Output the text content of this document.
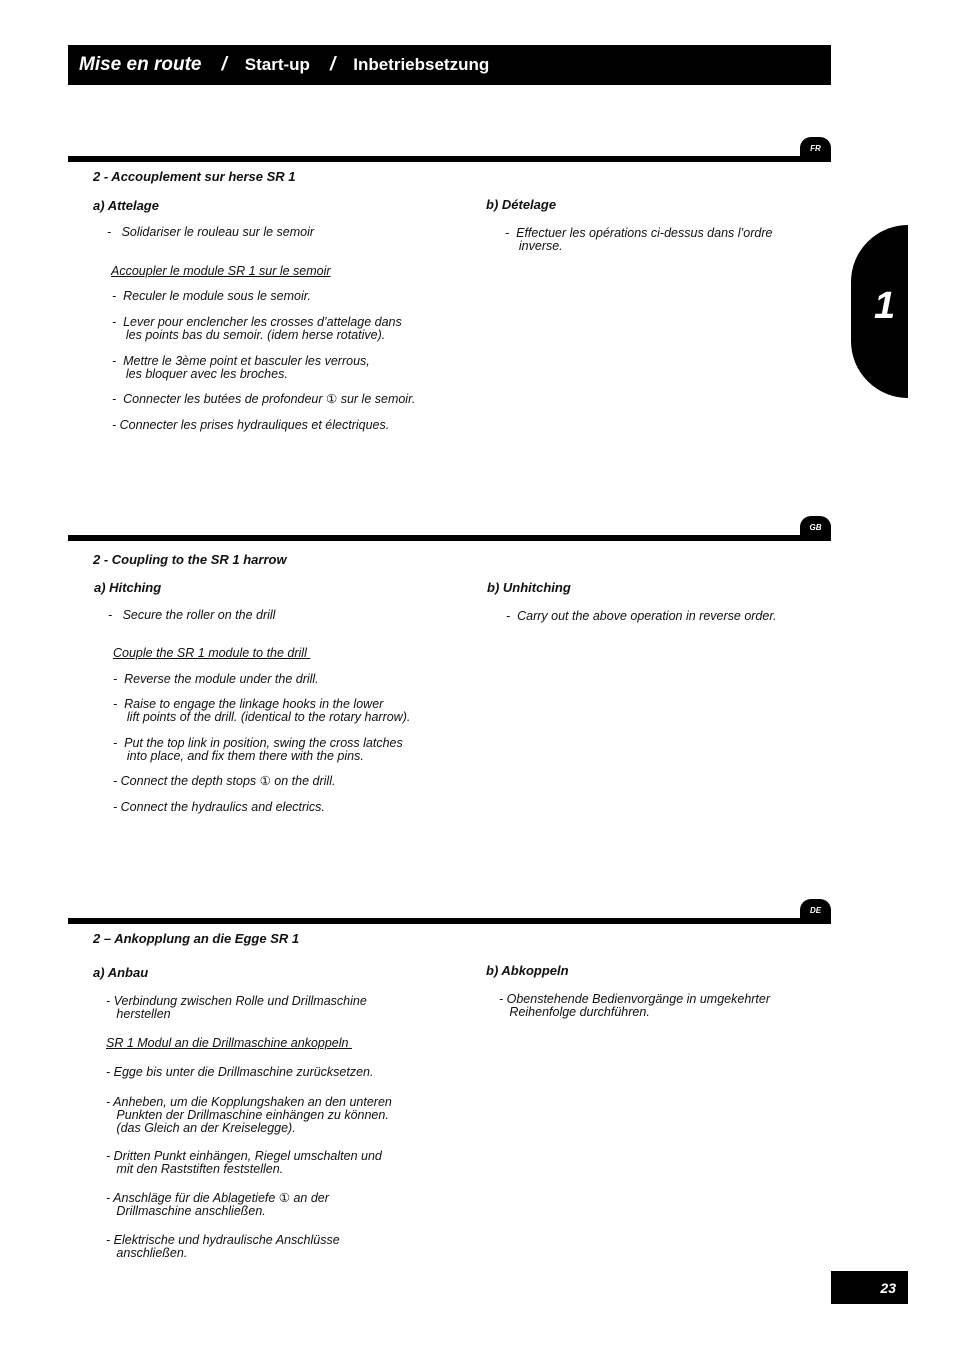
Mise en route / Start-up / Inbetriebsetzung
1
FR
2 - Accouplement sur herse SR 1
a) Attelage	b) Dételage
-   Solidariser le rouleau sur le semoir
Accoupler le module SR 1 sur le semoir
-  Reculer le module sous le semoir.
-  Lever pour enclencher les crosses d’attelage dans
les points bas du semoir. (idem herse rotative).
-  Mettre le 3ème point et basculer les verrous,
les bloquer avec les broches.
-  Connecter les butées de profondeur ① sur le semoir.
- Connecter les prises hydrauliques et électriques.
-  Effectuer les opérations ci-dessus dans l’ordre
inverse.
GB
2 - Coupling to the SR 1 harrow
a) Hitching	b) Unhitching
-   Secure the roller on the drill
Couple the SR 1 module to the drill
-  Reverse the module under the drill.
-  Raise to engage the linkage hooks in the lower
lift points of the drill. (identical to the rotary harrow).
-  Put the top link in position, swing the cross latches
into place, and fix them there with the pins.
- Connect the depth stops ① on the drill.
- Connect the hydraulics and electrics.
-  Carry out the above operation in reverse order.
DE
2 – Ankopplung an die Egge SR 1
a) Anbau	b) Abkoppeln
- Verbindung zwischen Rolle und Drillmaschine
herstellen
SR 1 Modul an die Drillmaschine ankoppeln
- Egge bis unter die Drillmaschine zurücksetzen.
- Anheben, um die Kopplungshaken an den unteren
Punkten der Drillmaschine einhängen zu können.
(das Gleich an der Kreiselegge).
- Dritten Punkt einhängen, Riegel umschalten und
mit den Raststiften feststellen.
- Anschläge für die Ablagetiefe ① an der
Drillmaschine anschließen.
- Elektrische und hydraulische Anschlüsse
anschließen.
- Obenstehende Bedienvorgänge in umgekehrter
Reihenfolge durchführen.
23
